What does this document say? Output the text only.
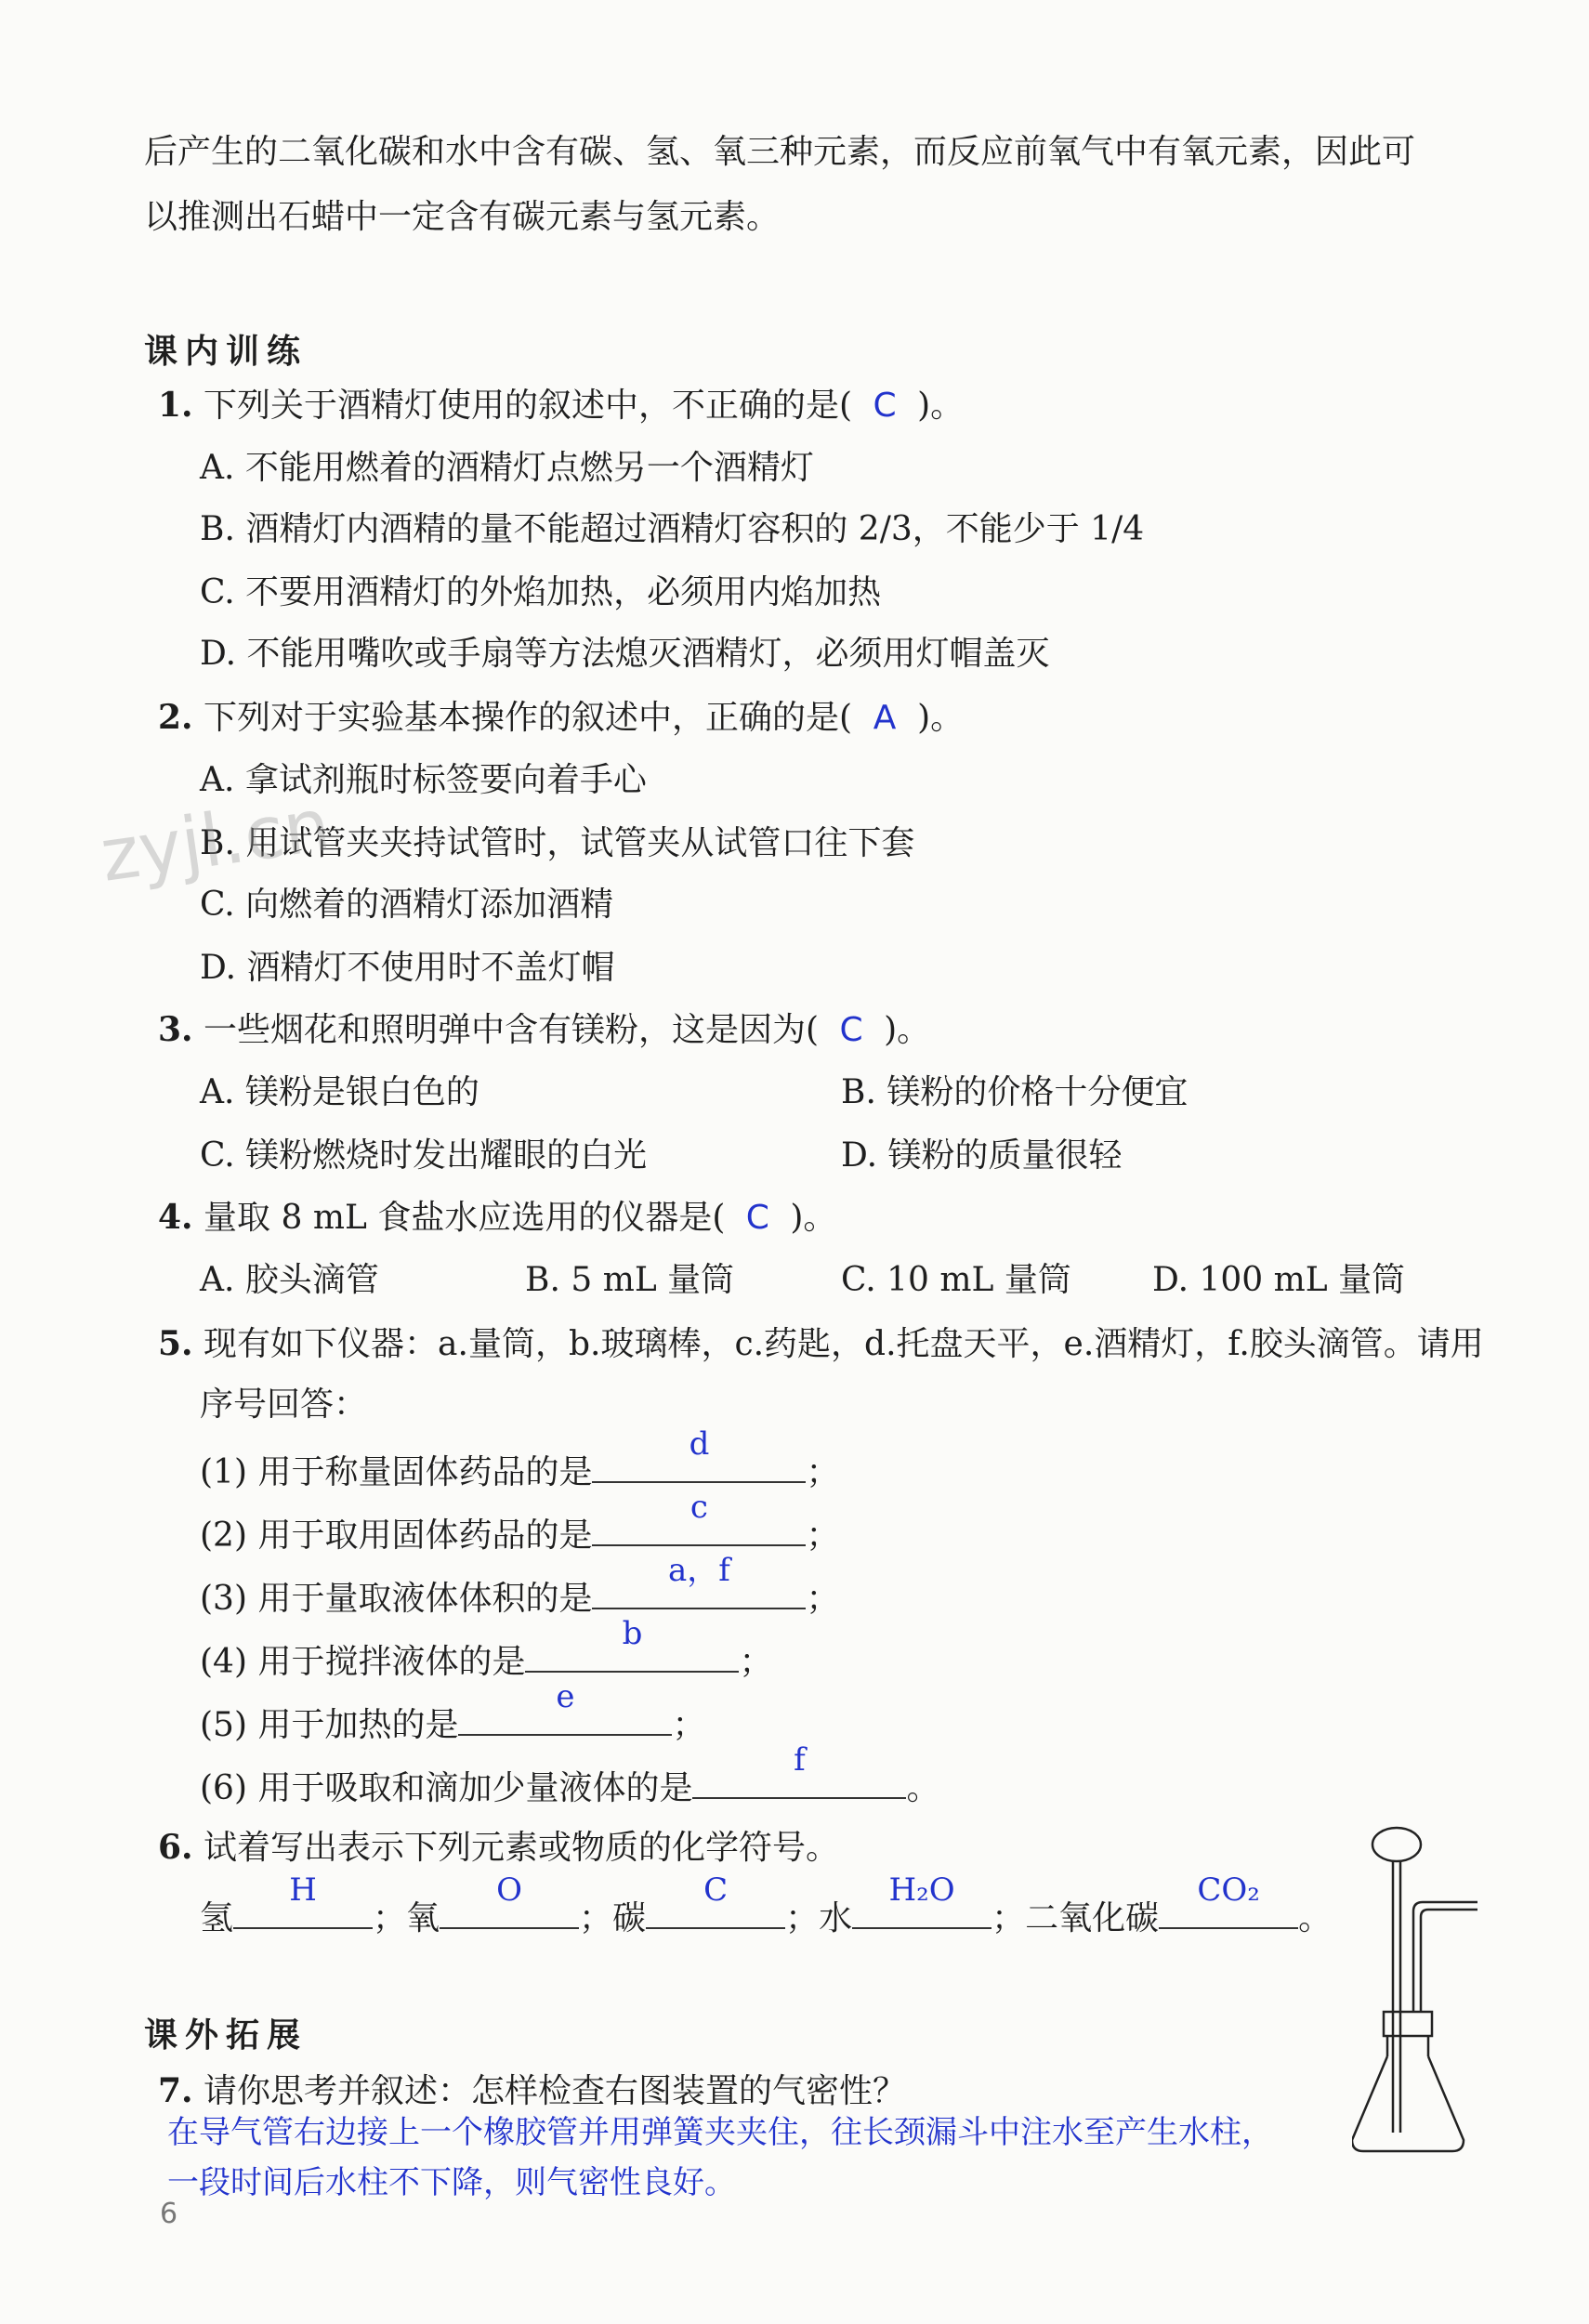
后产生的二氧化碳和水中含有碳、氢、氧三种元素，而反应前氧气中有氧元素，因此可
以推测出石蜡中一定含有碳元素与氢元素。
课内训练
1. 下列关于酒精灯使用的叙述中，不正确的是( C )。
A. 不能用燃着的酒精灯点燃另一个酒精灯
B. 酒精灯内酒精的量不能超过酒精灯容积的 2/3，不能少于 1/4
C. 不要用酒精灯的外焰加热，必须用内焰加热
D. 不能用嘴吹或手扇等方法熄灭酒精灯，必须用灯帽盖灭
2. 下列对于实验基本操作的叙述中，正确的是( A )。
A. 拿试剂瓶时标签要向着手心
B. 用试管夹夹持试管时，试管夹从试管口往下套
C. 向燃着的酒精灯添加酒精
D. 酒精灯不使用时不盖灯帽
3. 一些烟花和照明弹中含有镁粉，这是因为( C )。
A. 镁粉是银白色的	B. 镁粉的价格十分便宜
C. 镁粉燃烧时发出耀眼的白光	D. 镁粉的质量很轻
4. 量取 8 mL 食盐水应选用的仪器是( C )。
A. 胶头滴管	B. 5 mL 量筒	C. 10 mL 量筒 D. 100 mL 量筒
5. 现有如下仪器：a.量筒，b.玻璃棒，c.药匙，d.托盘天平，e.酒精灯，f.胶头滴管。请用
序号回答：
(1) 用于称量固体药品的是
d
；
(2) 用于取用固体药品的是
c
；
(3) 用于量取液体体积的是
a，f
；
(4) 用于搅拌液体的是
b
；
(5) 用于加热的是
e
；
(6) 用于吸取和滴加少量液体的是
f
。
6. 试着写出表示下列元素或物质的化学符号。
氢
H
；氧
O
；碳
C
；水
H₂O
；二氧化碳
CO₂
。
课外拓展
7. 请你思考并叙述：怎样检查右图装置的气密性？
在导气管右边接上一个橡胶管并用弹簧夹夹住，往长颈漏斗中注水至产生水柱，
一段时间后水柱不下降，则气密性良好。
zyjl.cn
6
